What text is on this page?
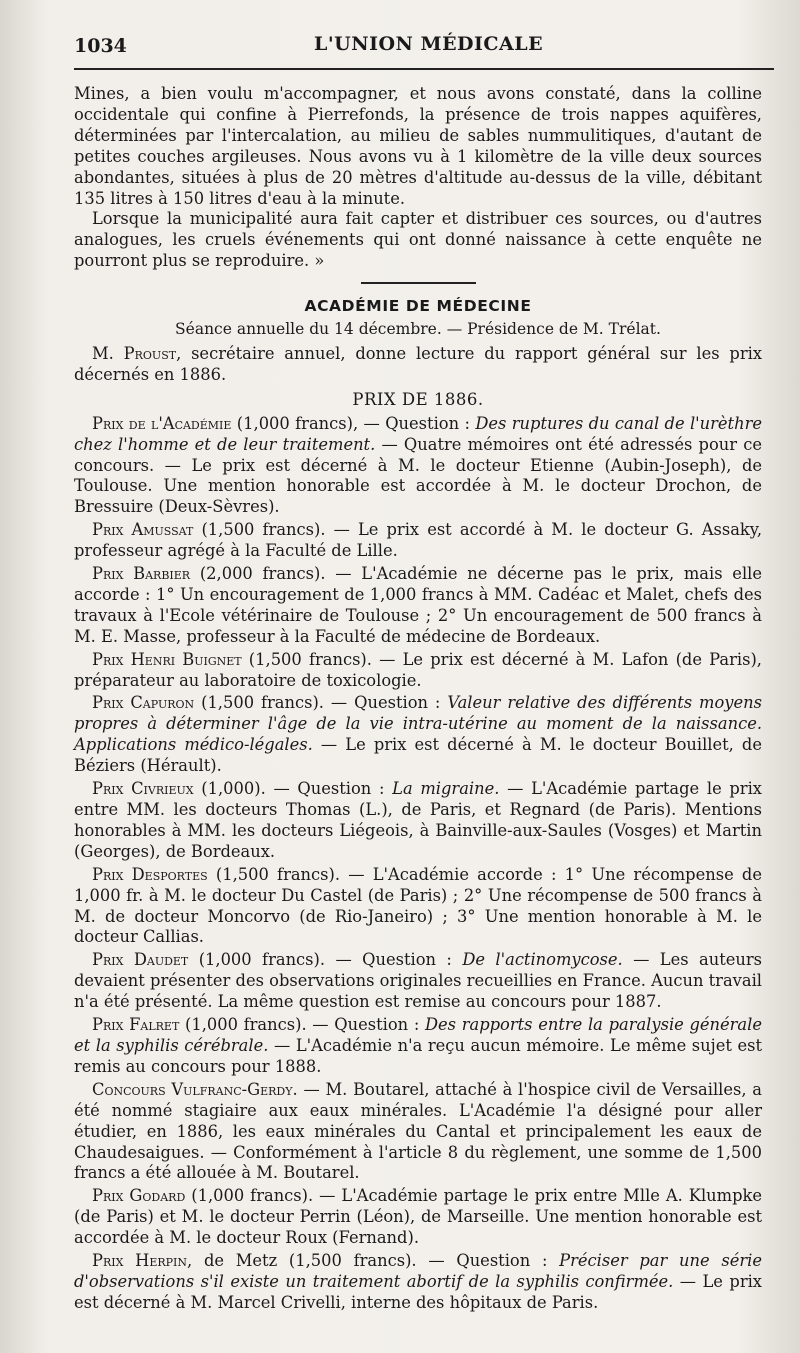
1034	L'UNION MÉDICALE

Mines, a bien voulu m'accompagner, et nous avons constaté, dans la colline occidentale qui confine à Pierrefonds, la présence de trois nappes aquifères, déterminées par l'intercalation, au milieu de sables nummulitiques, d'autant de petites couches argileuses. Nous avons vu à 1 kilomètre de la ville deux sources abondantes, situées à plus de 20 mètres d'altitude au-dessus de la ville, débitant 135 litres à 150 litres d'eau à la minute.

Lorsque la municipalité aura fait capter et distribuer ces sources, ou d'autres analogues, les cruels événements qui ont donné naissance à cette enquête ne pourront plus se reproduire. »

ACADÉMIE DE MÉDECINE
Séance annuelle du 14 décembre. — Présidence de M. Trélat.

M. Proust, secrétaire annuel, donne lecture du rapport général sur les prix décernés en 1886.

PRIX DE 1886.

Prix de l'Académie (1,000 francs), — Question : Des ruptures du canal de l'urèthre chez l'homme et de leur traitement. — Quatre mémoires ont été adressés pour ce concours. — Le prix est décerné à M. le docteur Etienne (Aubin-Joseph), de Toulouse. Une mention honorable est accordée à M. le docteur Drochon, de Bressuire (Deux-Sèvres).

Prix Amussat (1,500 francs). — Le prix est accordé à M. le docteur G. Assaky, professeur agrégé à la Faculté de Lille.

Prix Barbier (2,000 francs). — L'Académie ne décerne pas le prix, mais elle accorde : 1° Un encouragement de 1,000 francs à MM. Cadéac et Malet, chefs des travaux à l'Ecole vétérinaire de Toulouse ; 2° Un encouragement de 500 francs à M. E. Masse, professeur à la Faculté de médecine de Bordeaux.

Prix Henri Buignet (1,500 francs). — Le prix est décerné à M. Lafon (de Paris), préparateur au laboratoire de toxicologie.

Prix Capuron (1,500 francs). — Question : Valeur relative des différents moyens propres à déterminer l'âge de la vie intra-utérine au moment de la naissance. Applications médico-légales. — Le prix est décerné à M. le docteur Bouillet, de Béziers (Hérault).

Prix Civrieux (1,000). — Question : La migraine. — L'Académie partage le prix entre MM. les docteurs Thomas (L.), de Paris, et Regnard (de Paris). Mentions honorables à MM. les docteurs Liégeois, à Bainville-aux-Saules (Vosges) et Martin (Georges), de Bordeaux.

Prix Desportes (1,500 francs). — L'Académie accorde : 1° Une récompense de 1,000 fr. à M. le docteur Du Castel (de Paris) ; 2° Une récompense de 500 francs à M. de docteur Moncorvo (de Rio-Janeiro) ; 3° Une mention honorable à M. le docteur Callias.

Prix Daudet (1,000 francs). — Question : De l'actinomycose. — Les auteurs devaient présenter des observations originales recueillies en France. Aucun travail n'a été présenté. La même question est remise au concours pour 1887.

Prix Falret (1,000 francs). — Question : Des rapports entre la paralysie générale et la syphilis cérébrale. — L'Académie n'a reçu aucun mémoire. Le même sujet est remis au concours pour 1888.

Concours Vulfranc-Gerdy. — M. Boutarel, attaché à l'hospice civil de Versailles, a été nommé stagiaire aux eaux minérales. L'Académie l'a désigné pour aller étudier, en 1886, les eaux minérales du Cantal et principalement les eaux de Chaudesaigues. — Conformément à l'article 8 du règlement, une somme de 1,500 francs a été allouée à M. Boutarel.

Prix Godard (1,000 francs). — L'Académie partage le prix entre Mlle A. Klumpke (de Paris) et M. le docteur Perrin (Léon), de Marseille. Une mention honorable est accordée à M. le docteur Roux (Fernand).

Prix Herpin, de Metz (1,500 francs). — Question : Préciser par une série d'observations s'il existe un traitement abortif de la syphilis confirmée. — Le prix est décerné à M. Marcel Crivelli, interne des hôpitaux de Paris.
